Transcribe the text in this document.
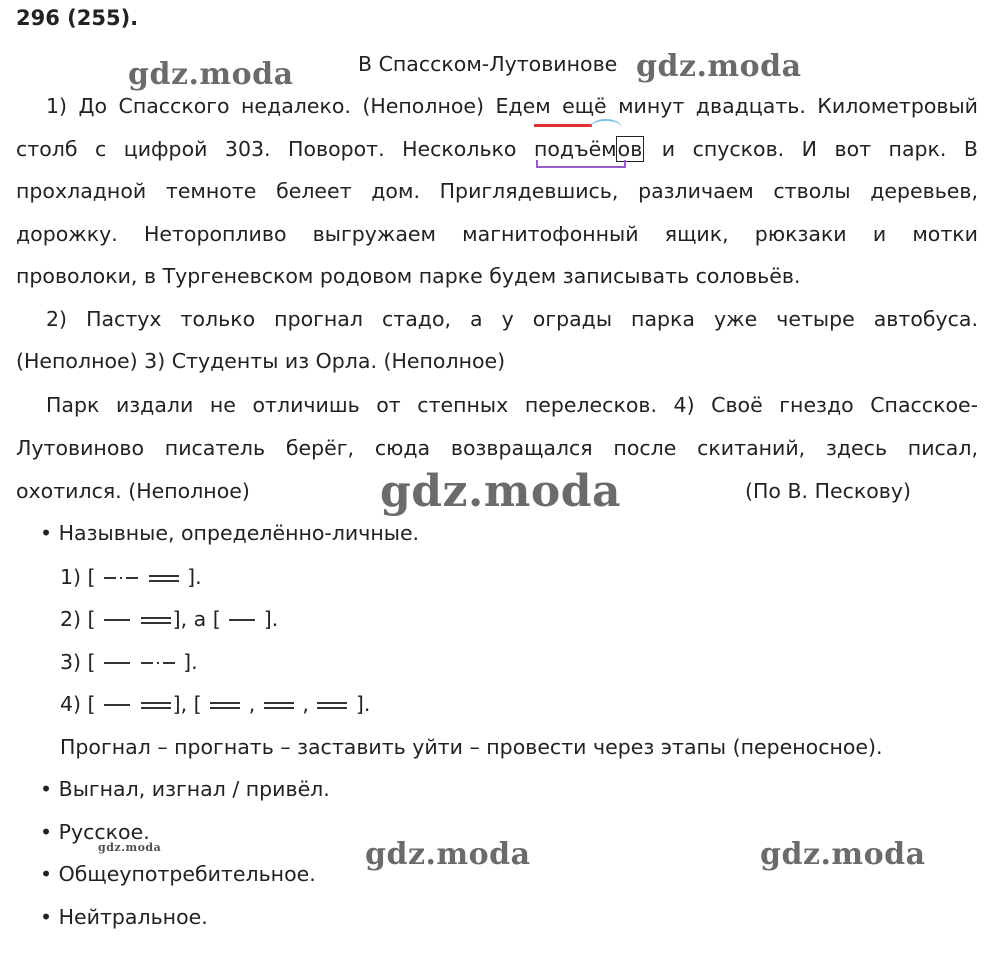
296 (255).
В Спасском-Лутовинове
1) До Спасского недалеко. (Неполное) Едем ещё минут двадцать. Километровый
столб с цифрой 303. Поворот. Несколько подъёмов и спусков. И вот парк. В
прохладной темноте белеет дом. Приглядевшись, различаем стволы деревьев,
дорожку. Неторопливо выгружаем магнитофонный ящик, рюкзаки и мотки
проволоки, в Тургеневском родовом парке будем записывать соловьёв.
2) Пастух только прогнал стадо, а у ограды парка уже четыре автобуса.
(Неполное) 3) Студенты из Орла. (Неполное)
Парк издали не отличишь от степных перелесков. 4) Своё гнездо Спасское-
Лутовиново писатель берёг, сюда возвращался после скитаний, здесь писал,
охотился. (Неполное)	(По В. Пескову)
• Назывные, определённо-личные.
1) [	].
2) [	], а [ ].
3) [	].
4) [	], [ , , ].
Прогнал – прогнать – заставить уйти – провести через этапы (переносное).
• Выгнал, изгнал / привёл.
• Русское.
• Общеупотребительное.
• Нейтральное.
gdz.moda	gdz.moda
gdz.moda
gdz.moda	gdz.moda	gdz.moda
